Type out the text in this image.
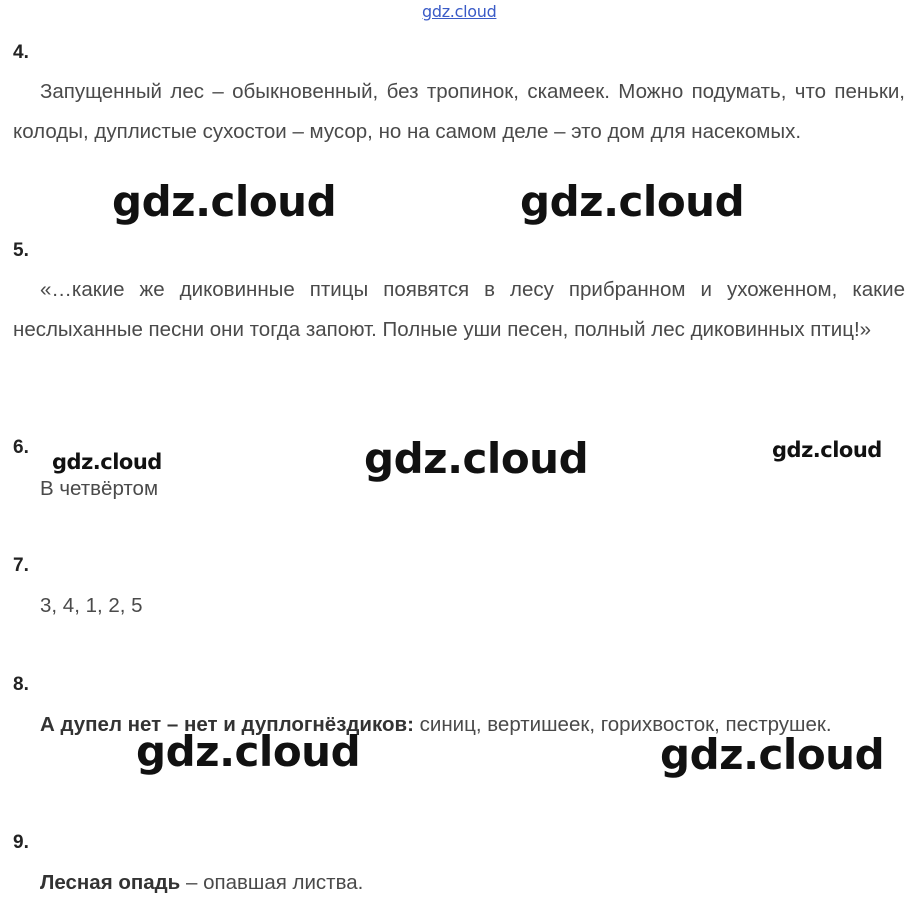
gdz.cloud
4.
Запущенный лес – обыкновенный, без тропинок, скамеек. Можно подумать, что пеньки, колоды, дуплистые сухостои – мусор, но на самом деле – это дом для насекомых.
5.
«…какие же диковинные птицы появятся в лесу прибранном и ухоженном, какие неслыханные песни они тогда запоют. Полные уши песен, полный лес диковинных птиц!»
6.
В четвёртом
7.
3, 4, 1, 2, 5
8.
А дупел нет – нет и дуплогнёздиков: синиц, вертишеек, горихвосток, пеструшек.
9.
Лесная опадь – опавшая листва.
gdz.cloud	gdz.cloud
gdz.cloud	gdz.cloud	gdz.cloud
gdz.cloud	gdz.cloud
